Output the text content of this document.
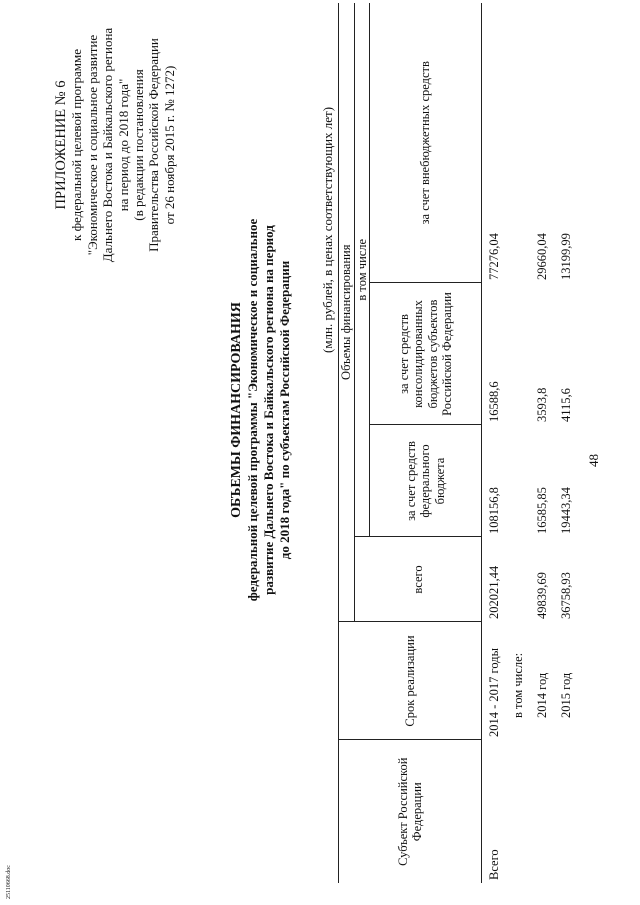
25110668.doc
48
ПРИЛОЖЕНИЕ № 6 к федеральной целевой программе "Экономическое и социальное развитие Дальнего Востока и Байкальского региона на период до 2018 года" (в редакции постановления Правительства Российской Федерации от 26 ноября 2015 г. № 1272)
ОБЪЕМЫ ФИНАНСИРОВАНИЯ федеральной целевой программы "Экономическое и социальное развитие Дальнего Востока и Байкальского региона на период до 2018 года" по субъектам Российской Федерации
(млн. рублей, в ценах соответствующих лет)
Субъект Российской Федерации	Срок реализации	Объемы финансирования			
		всего	в том числе		
			за счет средств федерального бюджета	за счет средств консолидированных бюджетов субъектов Российской Федерации	за счет внебюджетных средств
Всего	2014 - 2017 годы	202021,44	108156,8	16588,6	77276,04
	в том числе:				
	2014 год	49839,69	16585,85	3593,8	29660,04
	2015 год	36758,93	19443,34	4115,6	13199,99
